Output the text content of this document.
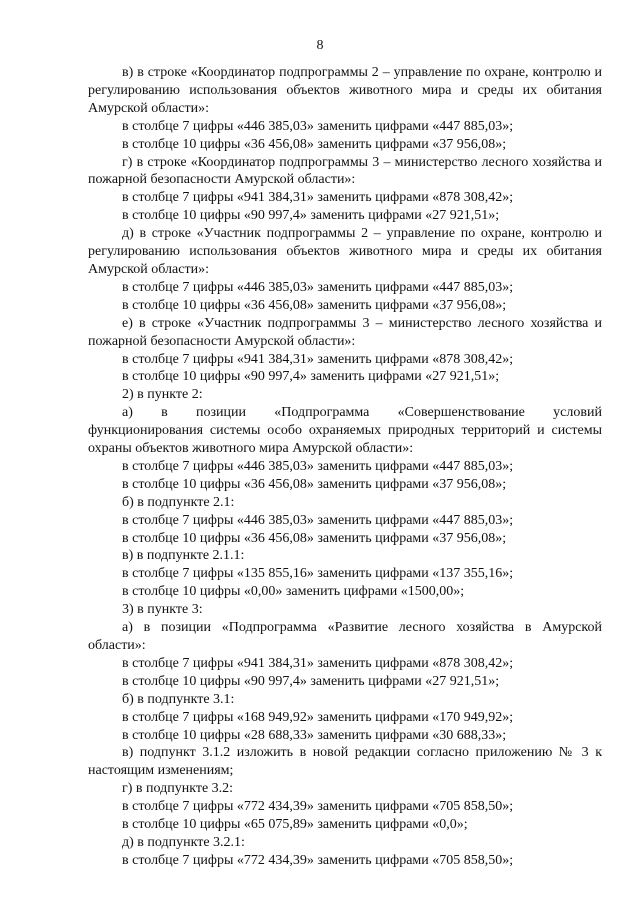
8

в) в строке «Координатор подпрограммы 2 – управление по охране, контролю и регулированию использования объектов животного мира и среды их обитания Амурской области»:

в столбце 7 цифры «446 385,03» заменить цифрами «447 885,03»;

в столбце 10 цифры «36 456,08» заменить цифрами «37 956,08»;

г) в строке «Координатор подпрограммы 3 – министерство лесного хозяйства и пожарной безопасности Амурской области»:

в столбце 7 цифры «941 384,31» заменить цифрами «878 308,42»;

в столбце 10 цифры «90 997,4» заменить цифрами «27 921,51»;

д) в строке «Участник подпрограммы 2 – управление по охране, контролю и регулированию использования объектов животного мира и среды их обитания Амурской области»:

в столбце 7 цифры «446 385,03» заменить цифрами «447 885,03»;

в столбце 10 цифры «36 456,08» заменить цифрами «37 956,08»;

е) в строке «Участник подпрограммы 3 – министерство лесного хозяйства и пожарной безопасности Амурской области»:

в столбце 7 цифры «941 384,31» заменить цифрами «878 308,42»;

в столбце 10 цифры «90 997,4» заменить цифрами «27 921,51»;

2) в пункте 2:

а) в позиции «Подпрограмма «Совершенствование условий

функционирования системы особо охраняемых природных территорий и системы охраны объектов животного мира Амурской области»:

в столбце 7 цифры «446 385,03» заменить цифрами «447 885,03»;

в столбце 10 цифры «36 456,08» заменить цифрами «37 956,08»;

б) в подпункте 2.1:

в столбце 7 цифры «446 385,03» заменить цифрами «447 885,03»;

в столбце 10 цифры «36 456,08» заменить цифрами «37 956,08»;

в) в подпункте 2.1.1:

в столбце 7 цифры «135 855,16» заменить цифрами «137 355,16»;

в столбце 10 цифры «0,00» заменить цифрами «1500,00»;

3) в пункте 3:

а) в позиции «Подпрограмма «Развитие лесного хозяйства в Амурской области»:

в столбце 7 цифры «941 384,31» заменить цифрами «878 308,42»;

в столбце 10 цифры «90 997,4» заменить цифрами «27 921,51»;

б) в подпункте 3.1:

в столбце 7 цифры «168 949,92» заменить цифрами «170 949,92»;

в столбце 10 цифры «28 688,33» заменить цифрами «30 688,33»;

в) подпункт 3.1.2 изложить в новой редакции согласно приложению № 3 к настоящим изменениям;

г) в подпункте 3.2:

в столбце 7 цифры «772 434,39» заменить цифрами «705 858,50»;

в столбце 10 цифры «65 075,89» заменить цифрами «0,0»;

д) в подпункте 3.2.1:

в столбце 7 цифры «772 434,39» заменить цифрами «705 858,50»;
